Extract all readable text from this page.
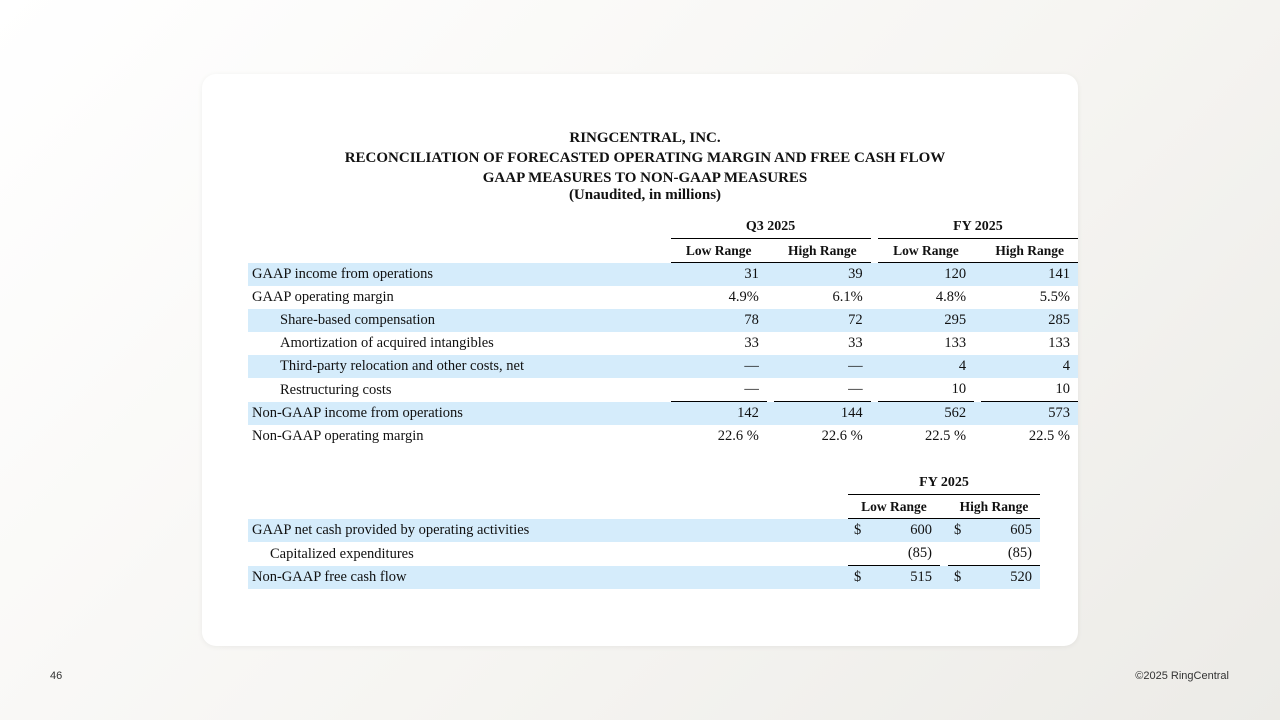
RINGCENTRAL, INC.
RECONCILIATION OF FORECASTED OPERATING MARGIN AND FREE CASH FLOW
GAAP MEASURES TO NON-GAAP MEASURES
(Unaudited, in millions)
		Q3 2025				FY 2025		
		Low Range		High Range		Low Range		High Range
GAAP income from operations		31		39		120		141
GAAP operating margin		4.9%		6.1%		4.8%		5.5%
Share-based compensation		78		72		295		285
Amortization of acquired intangibles		33		33		133		133
Third-party relocation and other costs, net		—		—		4		4
Restructuring costs		—		—		10		10
Non-GAAP income from operations		142		144		562		573
Non-GAAP operating margin		22.6 %		22.6 %		22.5 %		22.5 %
	FY 2025		
	Low Range		High Range
GAAP net cash provided by operating activities	$ 600		$ 605

Capitalized expenditures	(85)		(85)

Non-GAAP free cash flow	$ 515		$ 520
46	©2025 RingCentral
